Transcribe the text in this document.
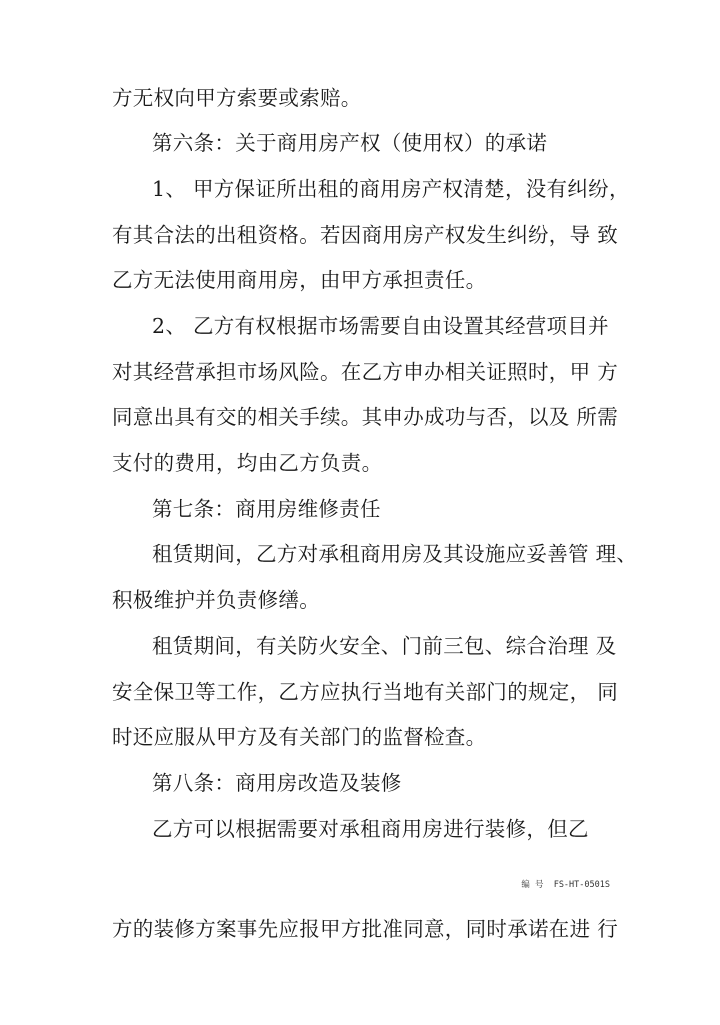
方无权向甲方索要或索赔。
第六条：关于商用房产权（使用权）的承诺
1、 甲方保证所出租的商用房产权清楚，没有纠纷，
有其合法的出租资格。若因商用房产权发生纠纷，导 致
乙方无法使用商用房，由甲方承担责任。
2、 乙方有权根据市场需要自由设置其经营项目并
对其经营承担市场风险。在乙方申办相关证照时，甲 方
同意出具有交的相关手续。其申办成功与否，以及 所需
支付的费用，均由乙方负责。
第七条：商用房维修责任
租赁期间，乙方对承租商用房及其设施应妥善管 理、
积极维护并负责修缮。
租赁期间，有关防火安全、门前三包、综合治理 及
安全保卫等工作，乙方应执行当地有关部门的规定， 同
时还应服从甲方及有关部门的监督检查。
第八条：商用房改造及装修
乙方可以根据需要对承租商用房进行装修，但乙
编 号  FS-HT-0501S
方的装修方案事先应报甲方批准同意，同时承诺在进 行
